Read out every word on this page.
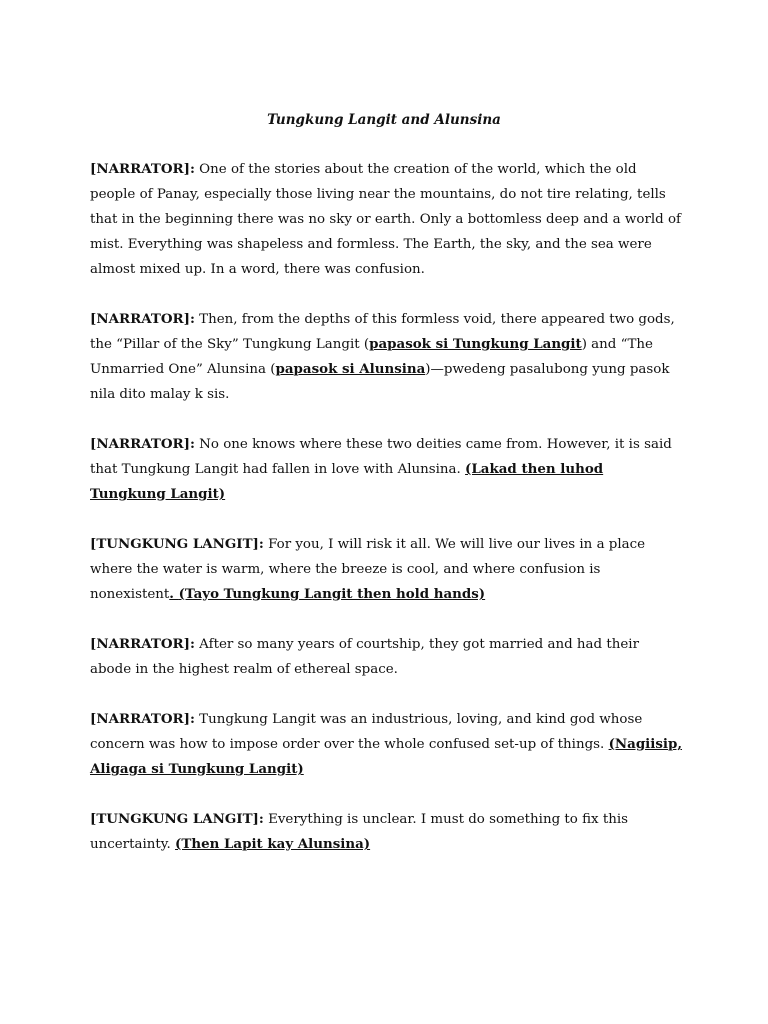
Tungkung Langit and Alunsina

[NARRATOR]: One of the stories about the creation of the world, which the old people of Panay, especially those living near the mountains, do not tire relating, tells that in the beginning there was no sky or earth. Only a bottomless deep and a world of mist. Everything was shapeless and formless. The Earth, the sky, and the sea were almost mixed up. In a word, there was confusion.

[NARRATOR]: Then, from the depths of this formless void, there appeared two gods, the “Pillar of the Sky” Tungkung Langit (papasok si Tungkung Langit) and “The Unmarried One” Alunsina (papasok si Alunsina)—pwedeng pasalubong yung pasok nila dito malay k sis.

[NARRATOR]: No one knows where these two deities came from. However, it is said that Tungkung Langit had fallen in love with Alunsina. (Lakad then luhod Tungkung Langit)

[TUNGKUNG LANGIT]: For you, I will risk it all. We will live our lives in a place where the water is warm, where the breeze is cool, and where confusion is nonexistent. (Tayo Tungkung Langit then hold hands)

[NARRATOR]: After so many years of courtship, they got married and had their abode in the highest realm of ethereal space.

[NARRATOR]: Tungkung Langit was an industrious, loving, and kind god whose concern was how to impose order over the whole confused set-up of things. (Nagiisip, Aligaga si Tungkung Langit)

[TUNGKUNG LANGIT]: Everything is unclear. I must do something to fix this uncertainty. (Then Lapit kay Alunsina)
